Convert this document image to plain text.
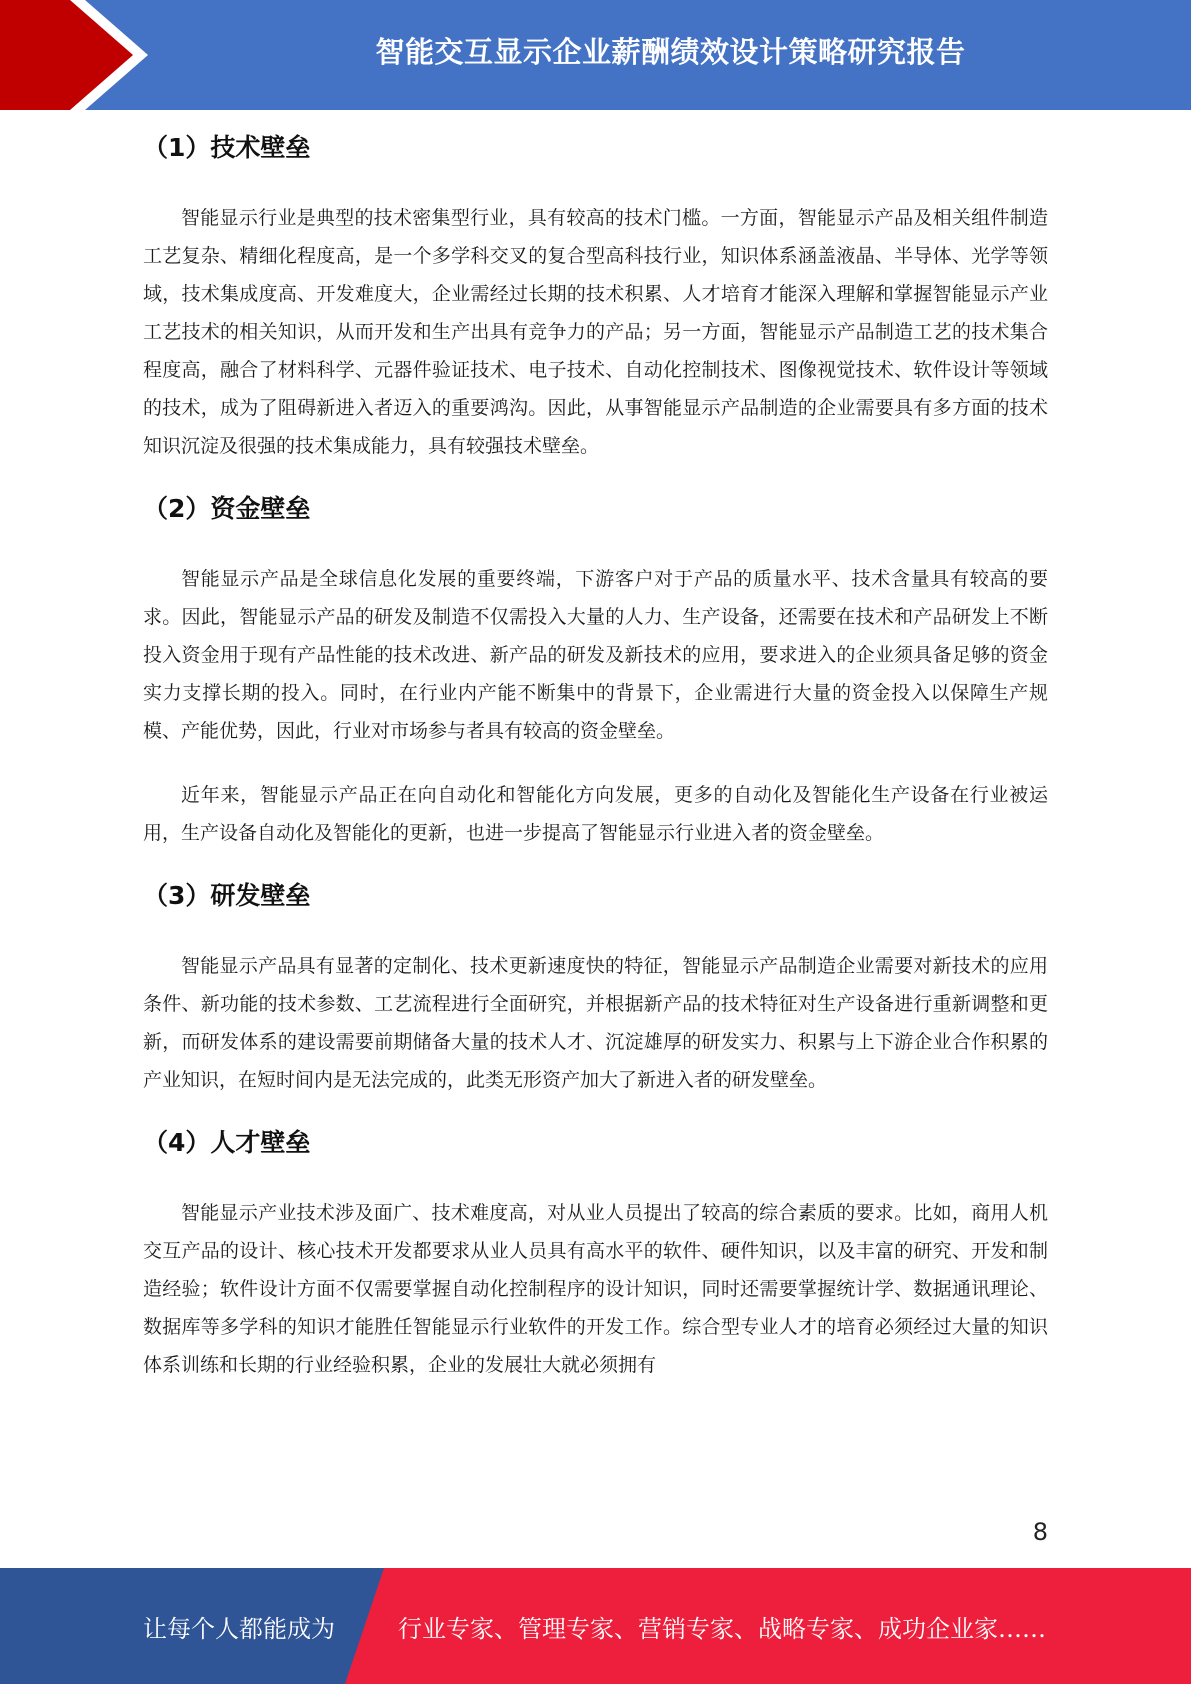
智能交互显示企业薪酬绩效设计策略研究报告
（1）技术壁垒

智能显示行业是典型的技术密集型行业，具有较高的技术门槛。一方面，智能显示产品及相关组件制造工艺复杂、精细化程度高，是一个多学科交叉的复合型高科技行业，知识体系涵盖液晶、半导体、光学等领域，技术集成度高、开发难度大，企业需经过长期的技术积累、人才培育才能深入理解和掌握智能显示产业工艺技术的相关知识，从而开发和生产出具有竞争力的产品；另一方面，智能显示产品制造工艺的技术集合程度高，融合了材料科学、元器件验证技术、电子技术、自动化控制技术、图像视觉技术、软件设计等领域的技术，成为了阻碍新进入者迈入的重要鸿沟。因此，从事智能显示产品制造的企业需要具有多方面的技术知识沉淀及很强的技术集成能力，具有较强技术壁垒。

（2）资金壁垒

智能显示产品是全球信息化发展的重要终端，下游客户对于产品的质量水平、技术含量具有较高的要求。因此，智能显示产品的研发及制造不仅需投入大量的人力、生产设备，还需要在技术和产品研发上不断投入资金用于现有产品性能的技术改进、新产品的研发及新技术的应用，要求进入的企业须具备足够的资金实力支撑长期的投入。同时，在行业内产能不断集中的背景下，企业需进行大量的资金投入以保障生产规模、产能优势，因此，行业对市场参与者具有较高的资金壁垒。

近年来，智能显示产品正在向自动化和智能化方向发展，更多的自动化及智能化生产设备在行业被运用，生产设备自动化及智能化的更新，也进一步提高了智能显示行业进入者的资金壁垒。

（3）研发壁垒

智能显示产品具有显著的定制化、技术更新速度快的特征，智能显示产品制造企业需要对新技术的应用条件、新功能的技术参数、工艺流程进行全面研究，并根据新产品的技术特征对生产设备进行重新调整和更新，而研发体系的建设需要前期储备大量的技术人才、沉淀雄厚的研发实力、积累与上下游企业合作积累的产业知识，在短时间内是无法完成的，此类无形资产加大了新进入者的研发壁垒。

（4）人才壁垒

智能显示产业技术涉及面广、技术难度高，对从业人员提出了较高的综合素质的要求。比如，商用人机交互产品的设计、核心技术开发都要求从业人员具有高水平的软件、硬件知识，以及丰富的研究、开发和制造经验；软件设计方面不仅需要掌握自动化控制程序的设计知识，同时还需要掌握统计学、数据通讯理论、数据库等多学科的知识才能胜任智能显示行业软件的开发工作。综合型专业人才的培育必须经过大量的知识体系训练和长期的行业经验积累，企业的发展壮大就必须拥有

8
让每个人都能成为	行业专家、管理专家、营销专家、战略专家、成功企业家……
